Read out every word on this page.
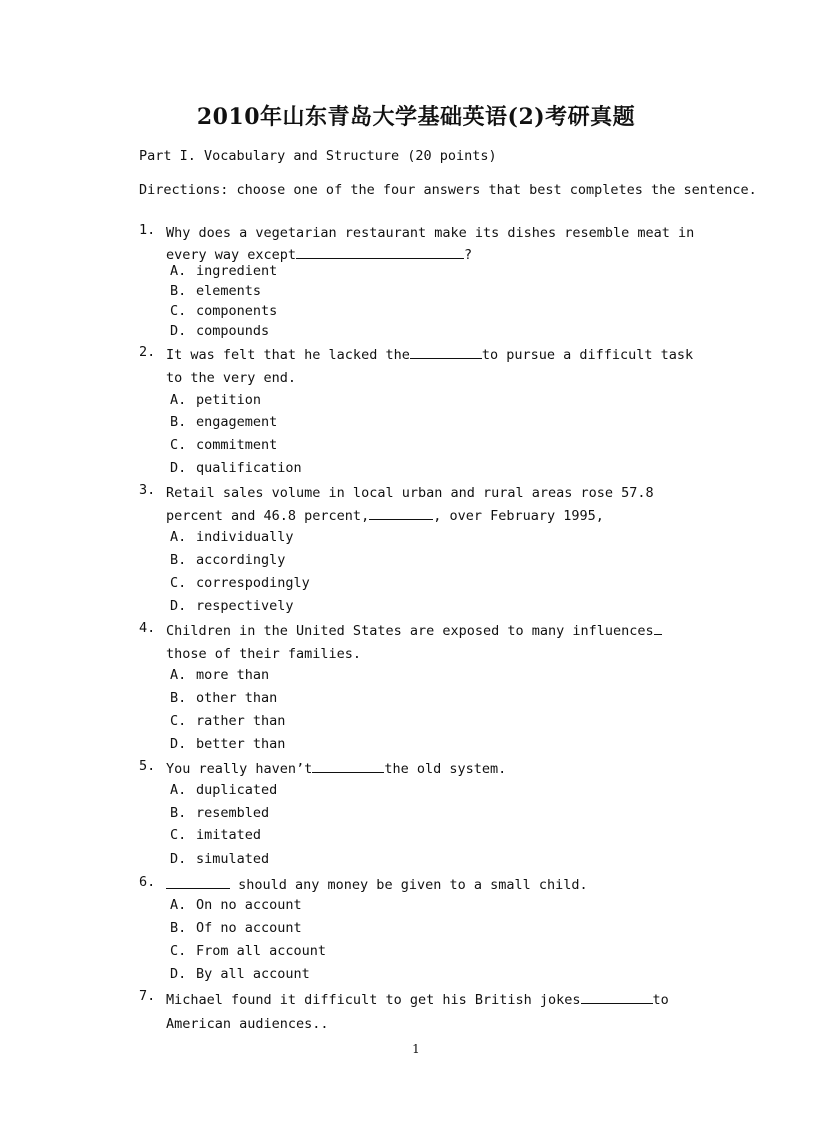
2010年山东青岛大学基础英语(2)考研真题
Part I. Vocabulary and Structure (20 points)
Directions: choose one of the four answers that best completes the sentence.
1. Why does a vegetarian restaurant make its dishes resemble meat in every way except	?
A. ingredient
B. elements
C. components
D. compounds
2. It was felt that he lacked the	to pursue a difficult task to the very end.
A. petition
B. engagement
C. commitment
D. qualification
3. Retail sales volume in local urban and rural areas rose 57.8 percent and 46.8 percent,	, over February 1995,
A. individually
B. accordingly
C. correspodingly
D. respectively
4. Children in the United States are exposed to many influencesthose of their families.
A. more than
B. other than
C. rather than
D. better than
5. You really haven’t	the old system.
A. duplicated
B. resembled
C. imitated
D. simulated
6.	should any money be given to a small child.
A. On no account
B. Of no account
C. From all account
D. By all account
7. Michael found it difficult to get his British jokes	to American audiences..
1
